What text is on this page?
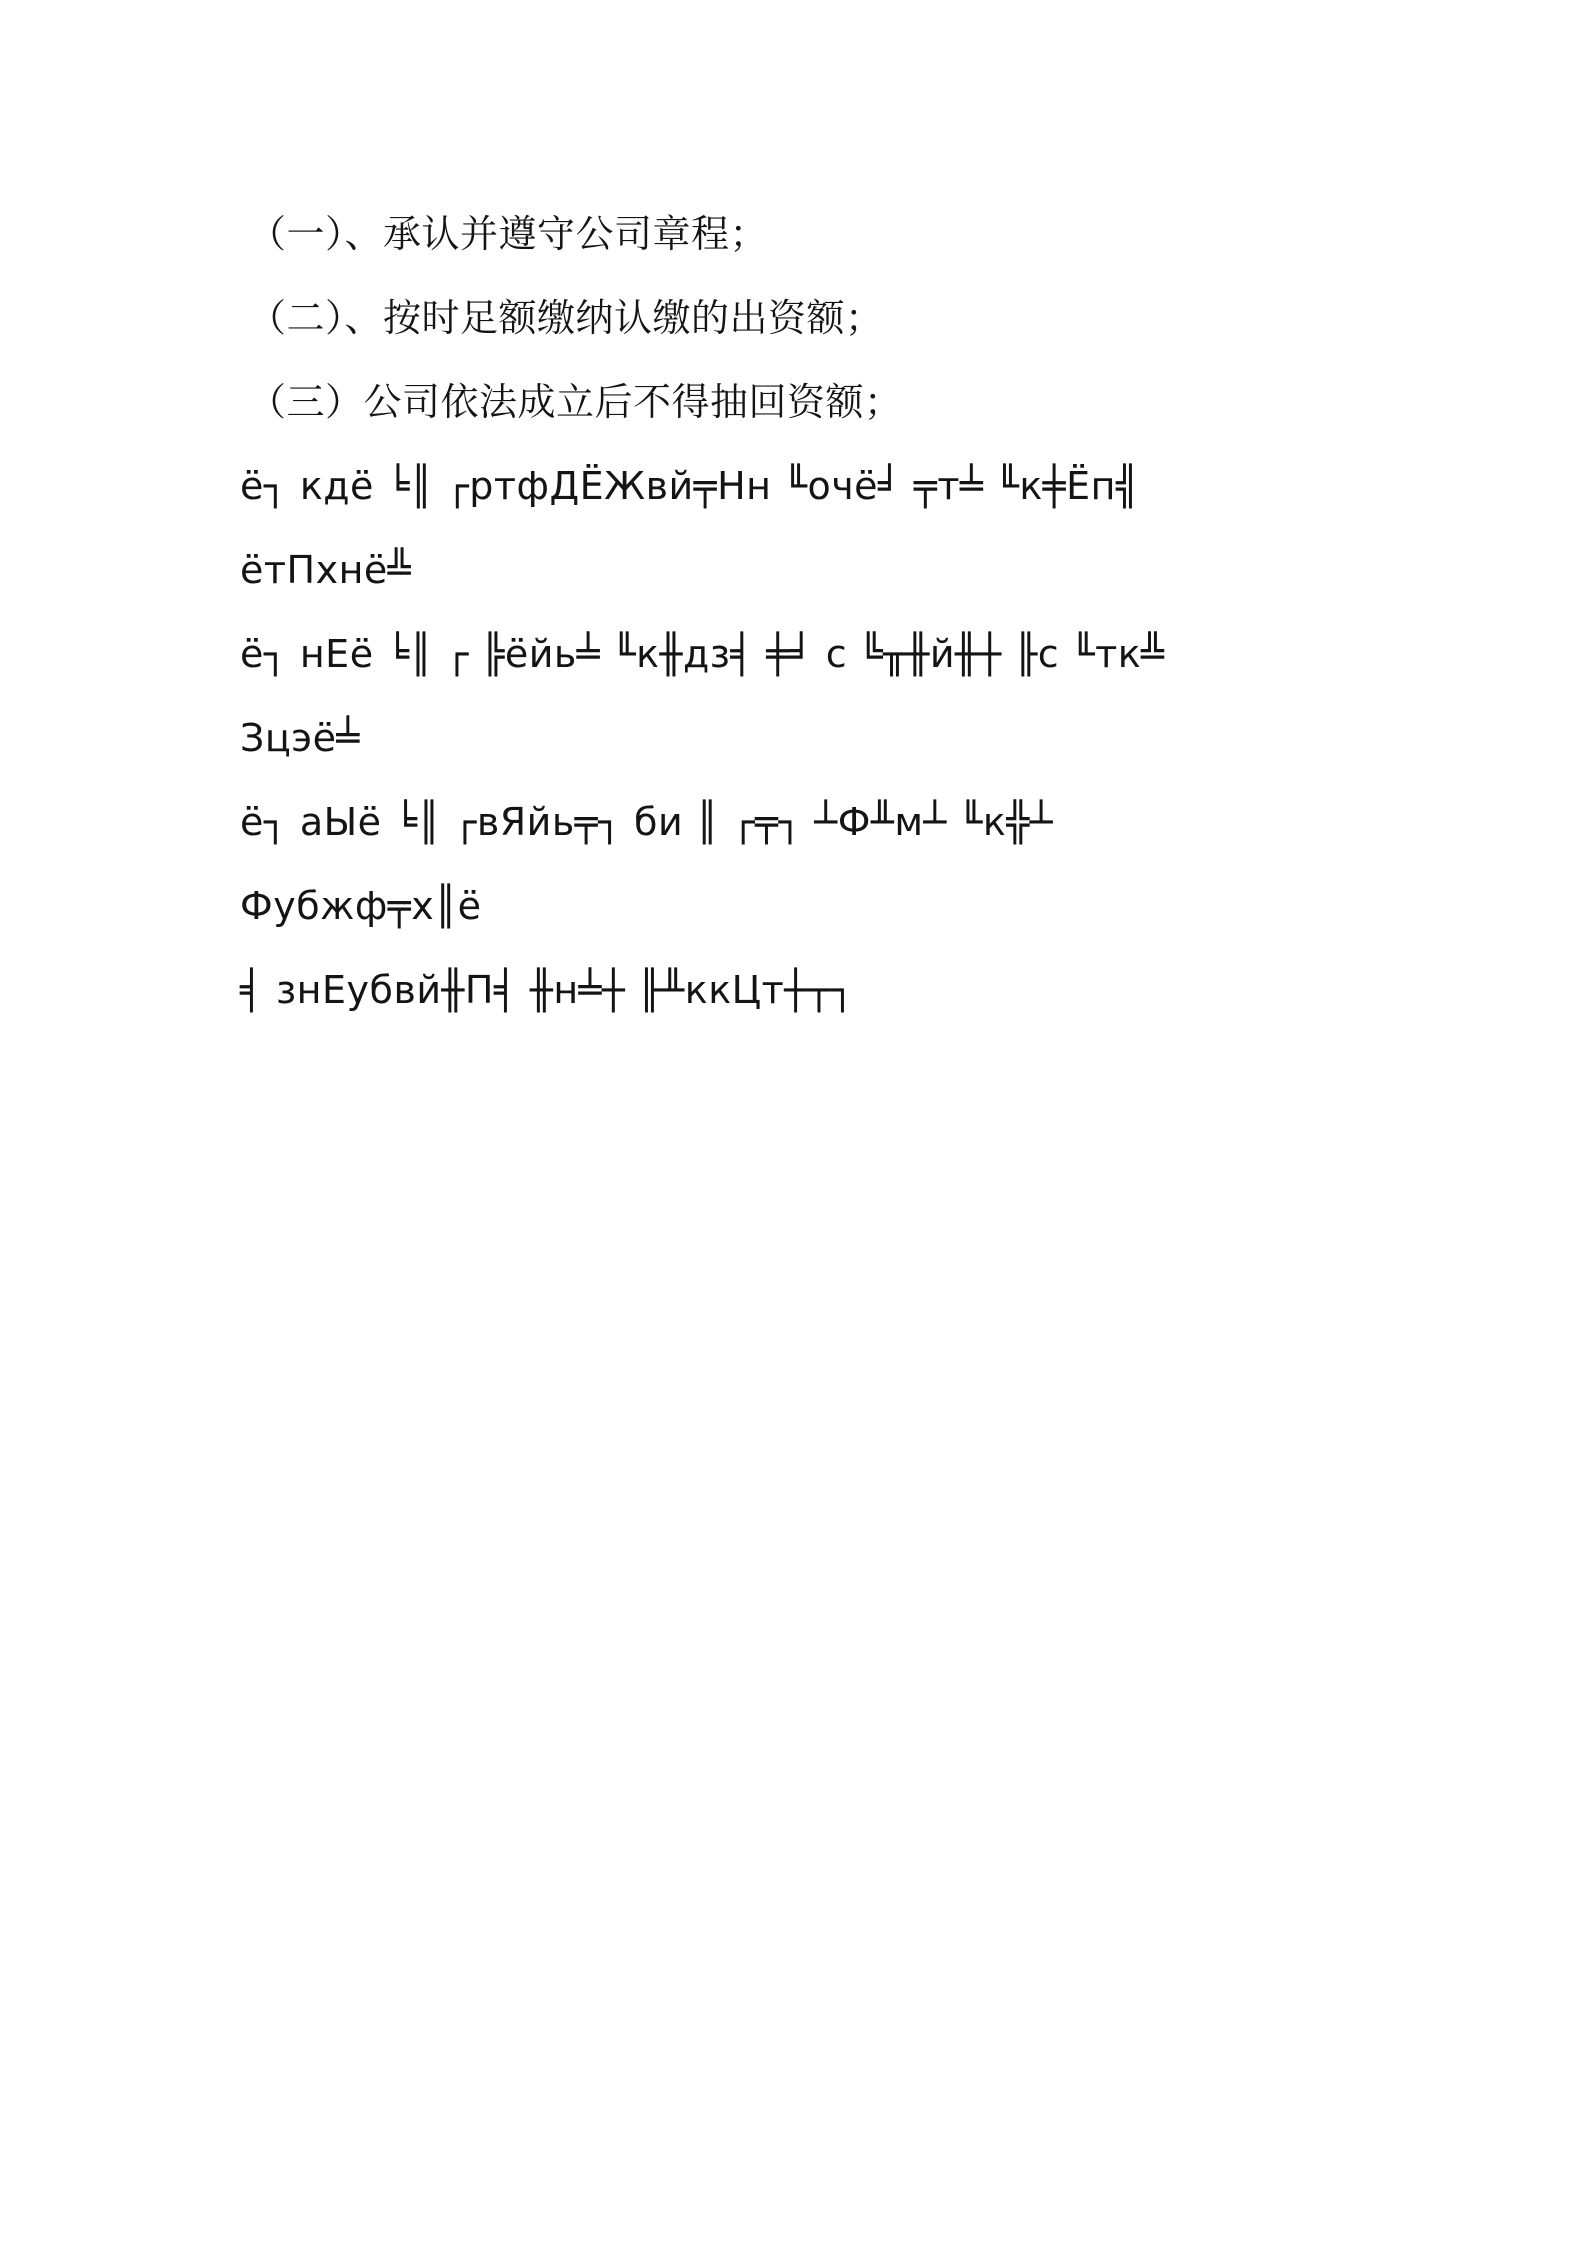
（一）、承认并遵守公司章程；

（二）、按时足额缴纳认缴的出资额；

（三）公司依法成立后不得抽回资额；

ё┐ кдё ╘║ ┌ртфДЁЖвй╤Нн ╙очё╛ ╤т╧ ╙к╪Ёп╣

ётПхнё╩

ё┐ нЕё ╘║ ┌ ╠ёйь╧ ╙к╫дз╡ ╪╛ с ╚╥╫й╫┼ ╟с ╙тк╩

Зцэё╧

ё┐ аЫё ╘║ ┌вЯйь╤┐ би ║ ┌╤┐ ┴Ф╨м┴ ╙к╬┴

Фубжф╤х║ё

╡ знЕубвй╫П╡ ╫н╧┼ ╟╨ккЦт┼┬┐
